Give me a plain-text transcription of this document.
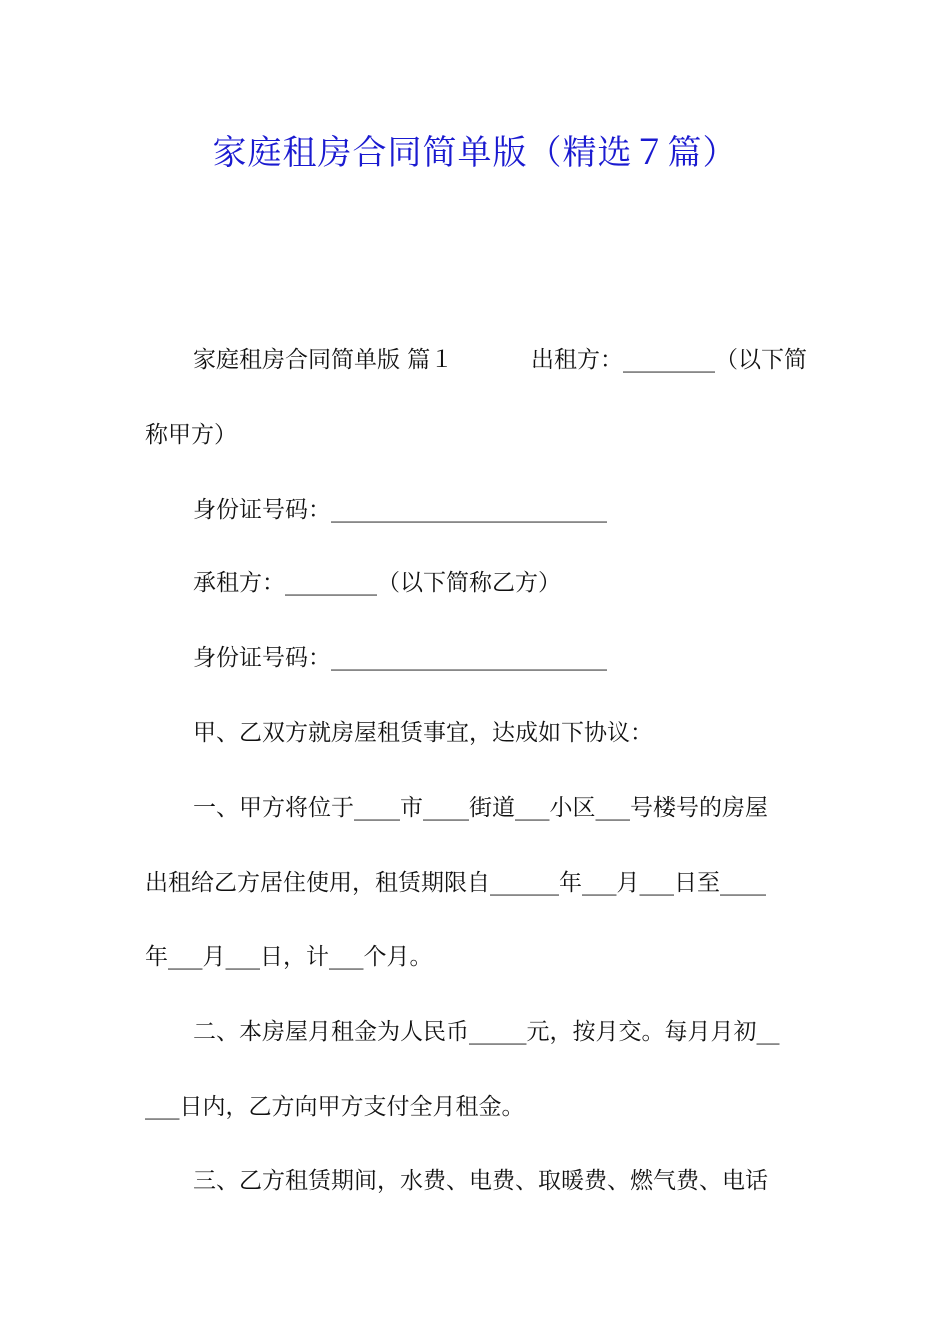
家庭租房合同简单版（精选７篇）
家庭租房合同简单版 篇１	出租方：________（以下简
称甲方）
身份证号码：________________________
承租方：________（以下简称乙方）
身份证号码：________________________
甲、乙双方就房屋租赁事宜，达成如下协议：
一、甲方将位于____市____街道___小区___号楼号的房屋
出租给乙方居住使用，租赁期限自______年___月___日至____
年___月___日，计___个月。
二、本房屋月租金为人民币_____元，按月交。每月月初__
___日内，乙方向甲方支付全月租金。
三、乙方租赁期间，水费、电费、取暖费、燃气费、电话
